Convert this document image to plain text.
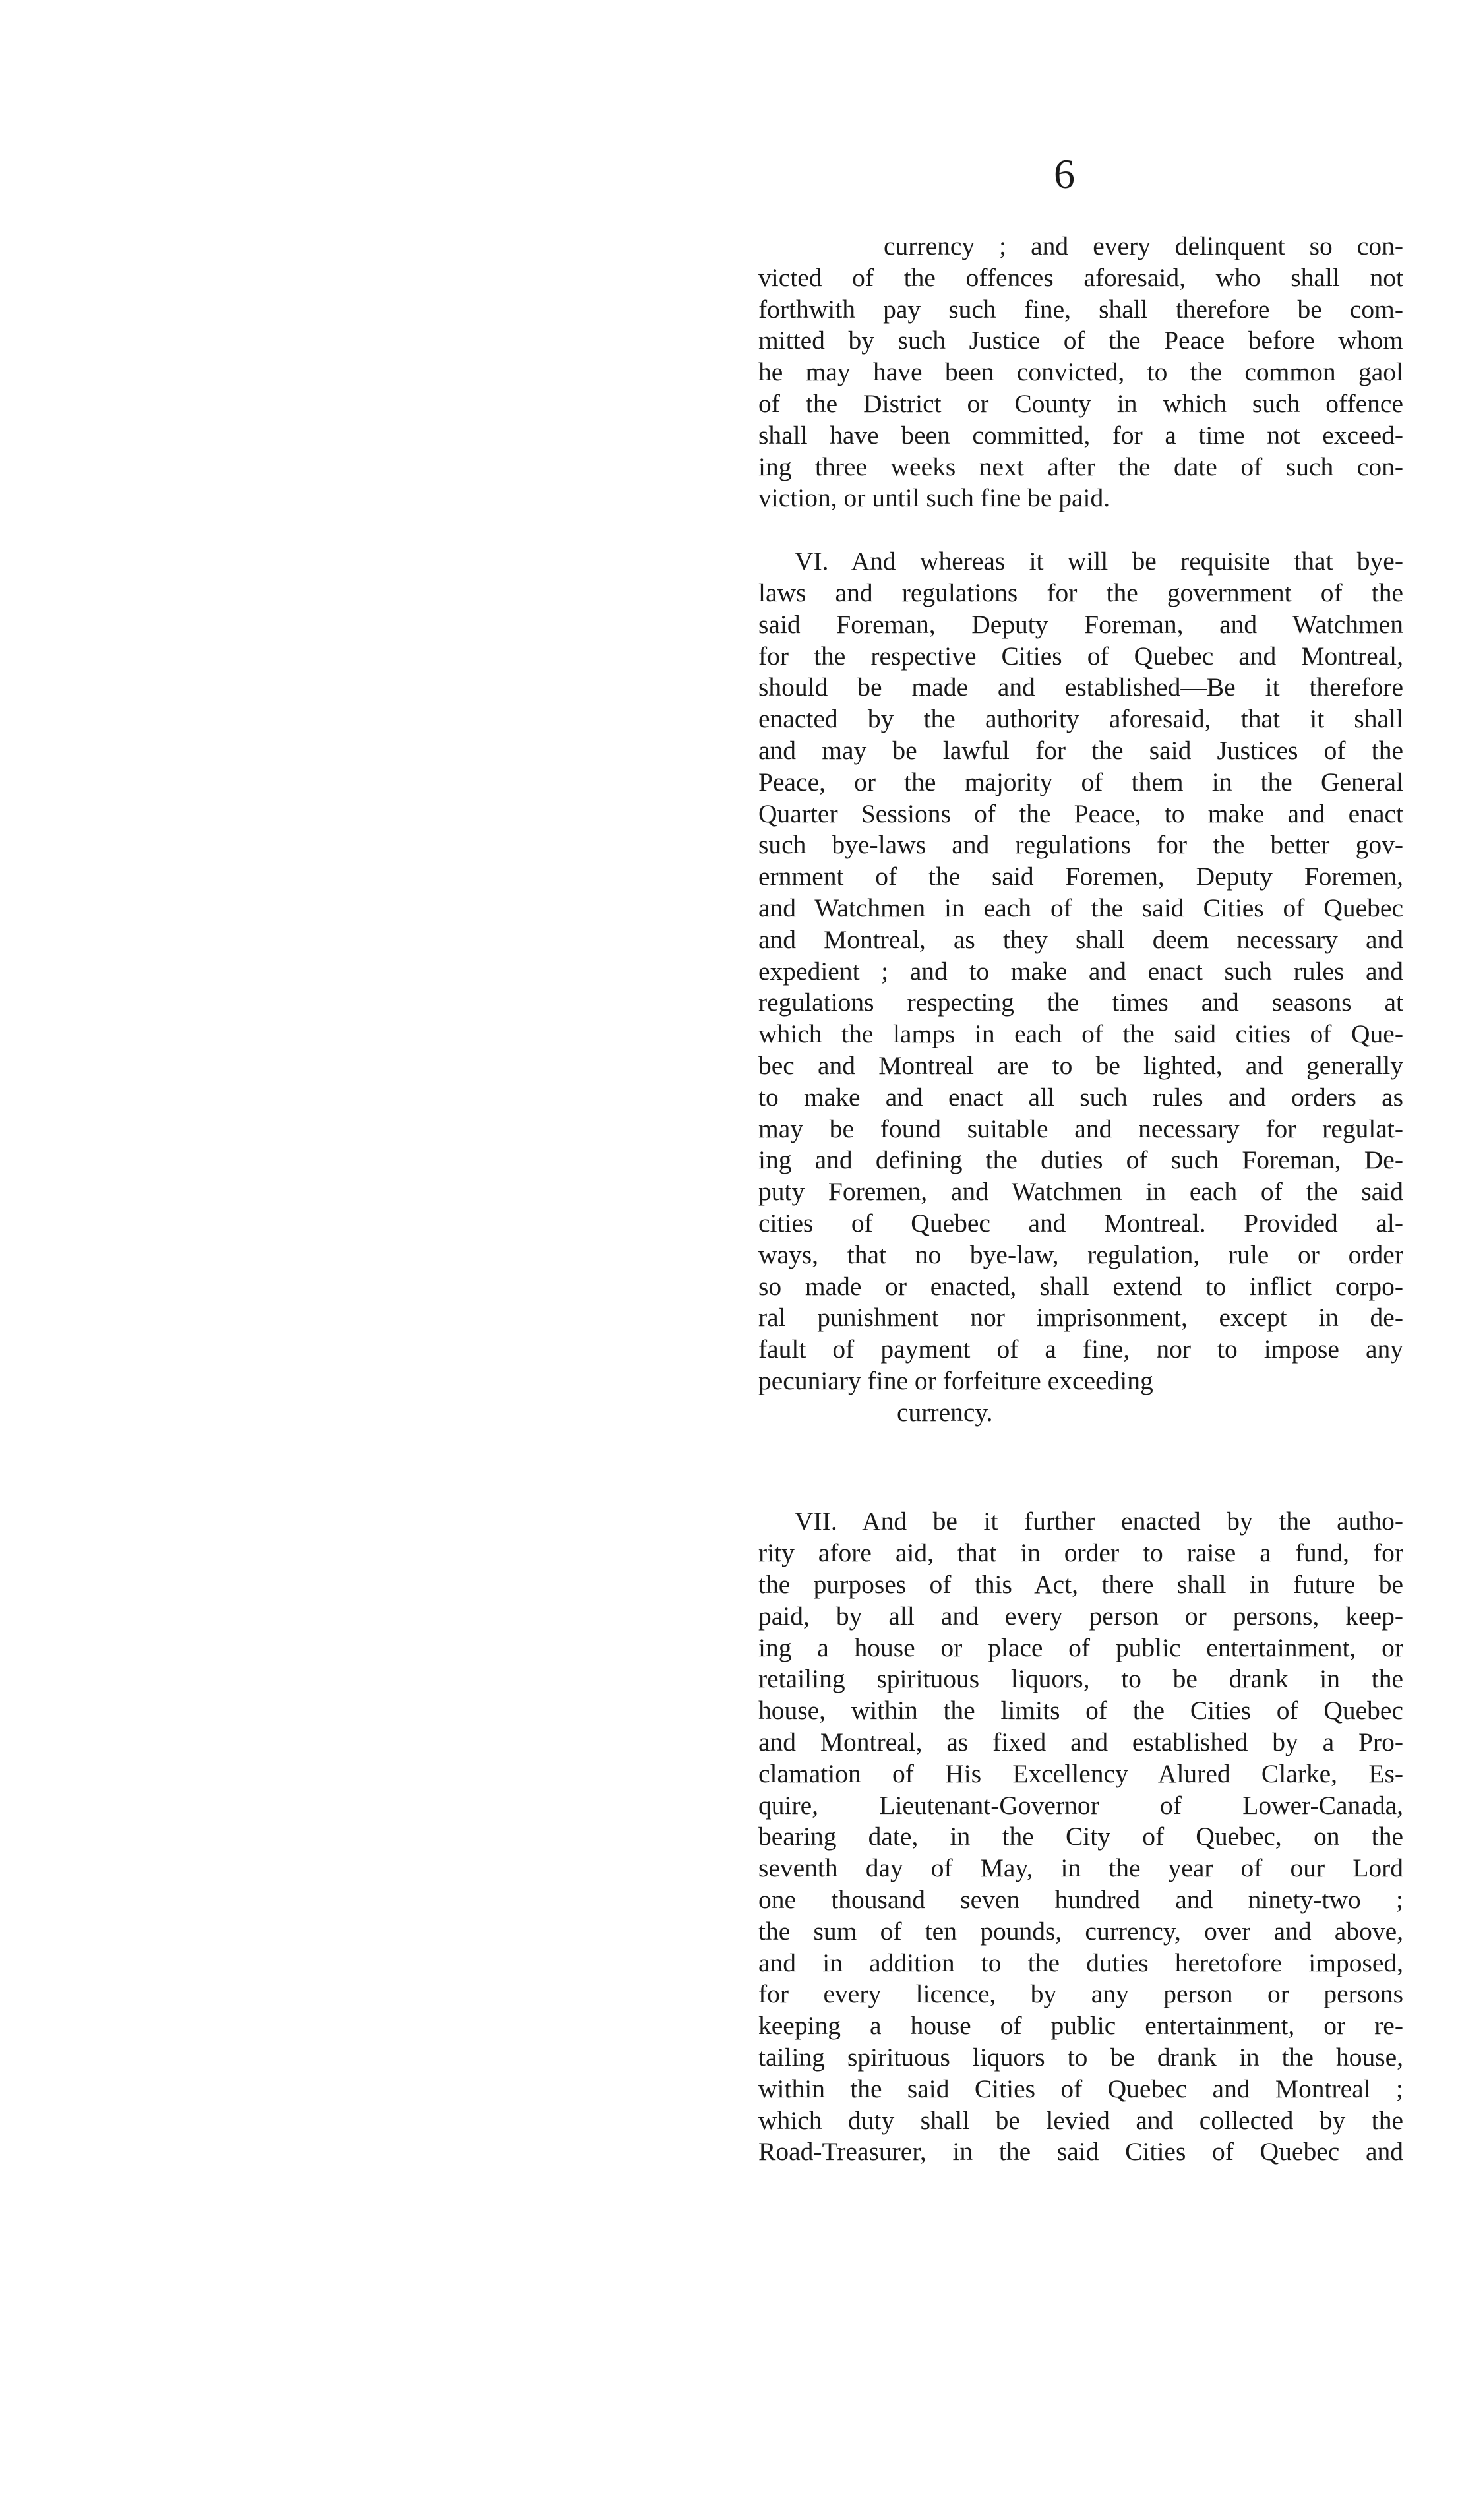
6
currency ; and every delinquent so con-
victed of the offences aforesaid, who shall not
forthwith pay such fine, shall therefore be com-
mitted by such Justice of the Peace before whom
he may have been convicted, to the common gaol
of the District or County in which such offence
shall have been committed, for a time not exceed-
ing three weeks next after the date of such con-
viction, or until such fine be paid.
VI. And whereas it will be requisite that bye-
laws and regulations for the government of the
said Foreman, Deputy Foreman, and Watchmen
for the respective Cities of Quebec and Montreal,
should be made and established—Be it therefore
enacted by the authority aforesaid, that it shall
and may be lawful for the said Justices of the
Peace, or the majority of them in the General
Quarter Sessions of the Peace, to make and enact
such bye-laws and regulations for the better gov-
ernment of the said Foremen, Deputy Foremen,
and Watchmen in each of the said Cities of Quebec
and Montreal, as they shall deem necessary and
expedient ; and to make and enact such rules and
regulations respecting the times and seasons at
which the lamps in each of the said cities of Que-
bec and Montreal are to be lighted, and generally
to make and enact all such rules and orders as
may be found suitable and necessary for regulat-
ing and defining the duties of such Foreman, De-
puty Foremen, and Watchmen in each of the said
cities of Quebec and Montreal. Provided al-
ways, that no bye-law, regulation, rule or order
so made or enacted, shall extend to inflict corpo-
ral punishment nor imprisonment, except in de-
fault of payment of a fine, nor to impose any
pecuniary fine or forfeiture exceeding
currency.
VII. And be it further enacted by the autho-
rity afore aid, that in order to raise a fund, for
the purposes of this Act, there shall in future be
paid, by all and every person or persons, keep-
ing a house or place of public entertainment, or
retailing spirituous liquors, to be drank in the
house, within the limits of the Cities of Quebec
and Montreal, as fixed and established by a Pro-
clamation of His Excellency Alured Clarke, Es-
quire, Lieutenant-Governor of Lower-Canada,
bearing date, in the City of Quebec, on the
seventh day of May, in the year of our Lord
one thousand seven hundred and ninety-two ;
the sum of ten pounds, currency, over and above,
and in addition to the duties heretofore imposed,
for every licence, by any person or persons
keeping a house of public entertainment, or re-
tailing spirituous liquors to be drank in the house,
within the said Cities of Quebec and Montreal ;
which duty shall be levied and collected by the
Road-Treasurer, in the said Cities of Quebec and
